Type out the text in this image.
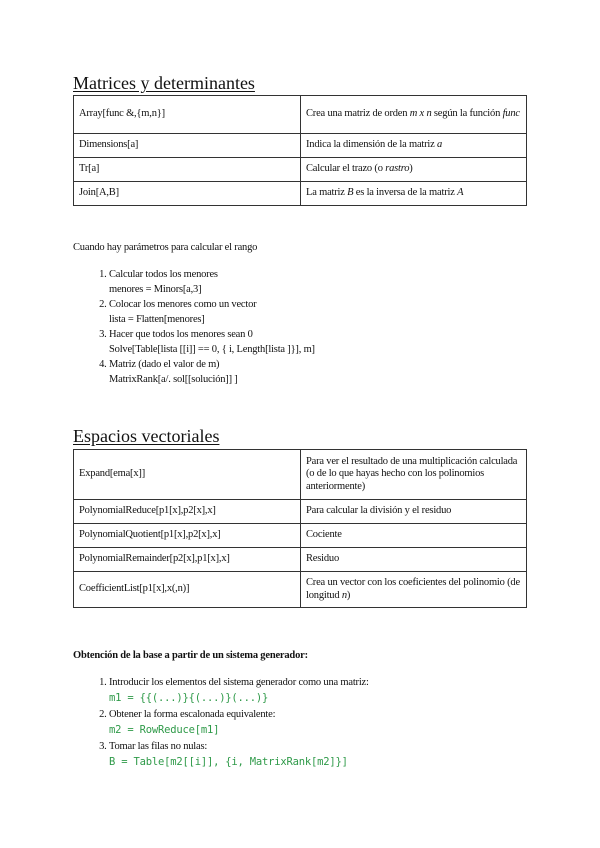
Matrices y determinantes
Array[func &,{m,n}]	Crea una matriz de orden m x n según la función func
Dimensions[a]	Indica la dimensión de la matriz a
Tr[a]	Calcular el trazo (o rastro)
Join[A,B]	La matriz B es la inversa de la matriz A
Cuando hay parámetros para calcular el rango
1. Calcular todos los menores
menores = Minors[a,3]
2. Colocar los menores como un vector
lista = Flatten[menores]
3. Hacer que todos los menores sean 0
Solve[Table[lista [[i]] == 0, { i, Length[lista ]}], m]
4. Matriz (dado el valor de m)
MatrixRank[a/. sol[[solución]] ]
Espacios vectoriales
Expand[ema[x]]	Para ver el resultado de una multiplicación calculada (o de lo que hayas hecho con los polinomios anteriormente)
PolynomialReduce[p1[x],p2[x],x]	Para calcular la división y el residuo
PolynomialQuotient[p1[x],p2[x],x]	Cociente
PolynomialRemainder[p2[x],p1[x],x]	Residuo
CoefficientList[p1[x],x(,n)]	Crea un vector con los coeficientes del polinomio (de longitud n)
Obtención de la base a partir de un sistema generador:
1. Introducir los elementos del sistema generador como una matriz:
m1 = {{(...)}{(...)}(...)}
2. Obtener la forma escalonada equivalente:
m2 = RowReduce[m1]
3. Tomar las filas no nulas:
B = Table[m2[[i]], {i, MatrixRank[m2]}]
